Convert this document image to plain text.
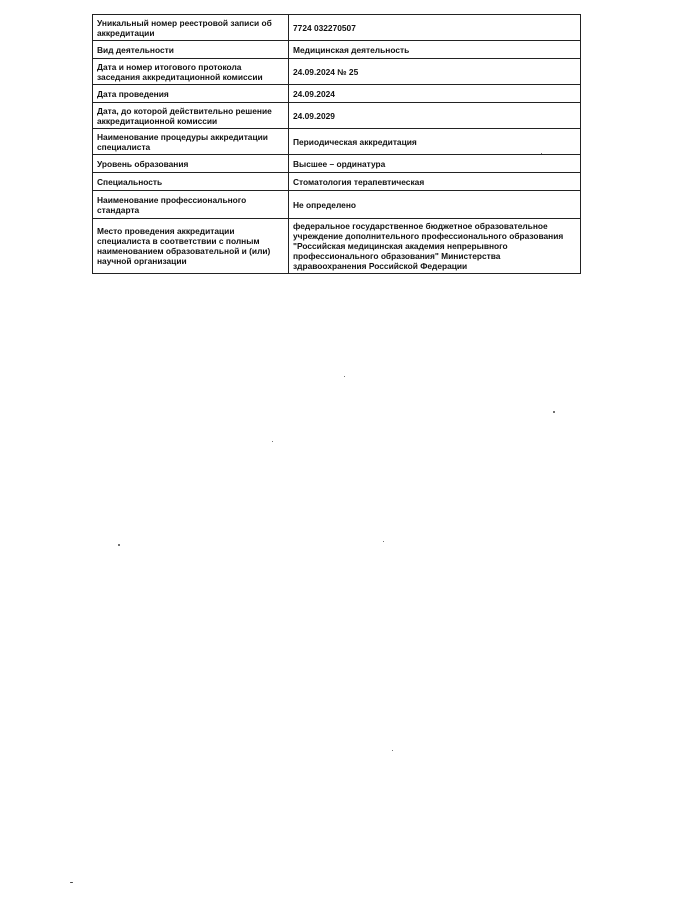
Уникальный номер реестровой записи об аккредитации	7724 032270507
Вид деятельности	Медицинская деятельность
Дата и номер итогового протокола заседания аккредитационной комиссии	24.09.2024 № 25
Дата проведения	24.09.2024
Дата, до которой действительно решение аккредитационной комиссии	24.09.2029
Наименование процедуры аккредитации специалиста	Периодическая аккредитация
Уровень образования	Высшее – ординатура
Специальность	Стоматология терапевтическая
Наименование профессионального стандарта	Не определено
Место проведения аккредитации специалиста в соответствии с полным наименованием образовательной и (или) научной организации	федеральное государственное бюджетное образовательное учреждение дополнительного профессионального образования "Российская медицинская академия непрерывного профессионального образования" Министерства здравоохранения Российской Федерации
